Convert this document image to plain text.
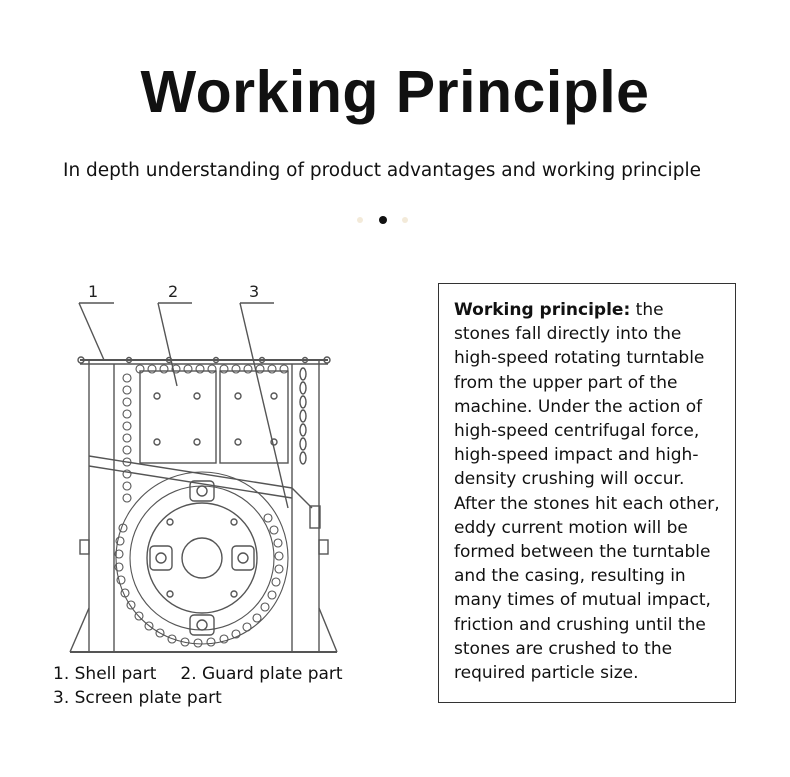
Working Principle
In depth understanding of product advantages and working principle
1	2	3
1. Shell part 2. Guard plate part
3. Screen plate part
Working principle: the stones fall directly into the high-speed rotating turntable from the upper part of the machine. Under the action of high-speed centrifugal force, high-speed impact and high-density crushing will occur. After the stones hit each other, eddy current motion will be formed between the turntable and the casing, resulting in many times of mutual impact, friction and crushing until the stones are crushed to the required particle size.
